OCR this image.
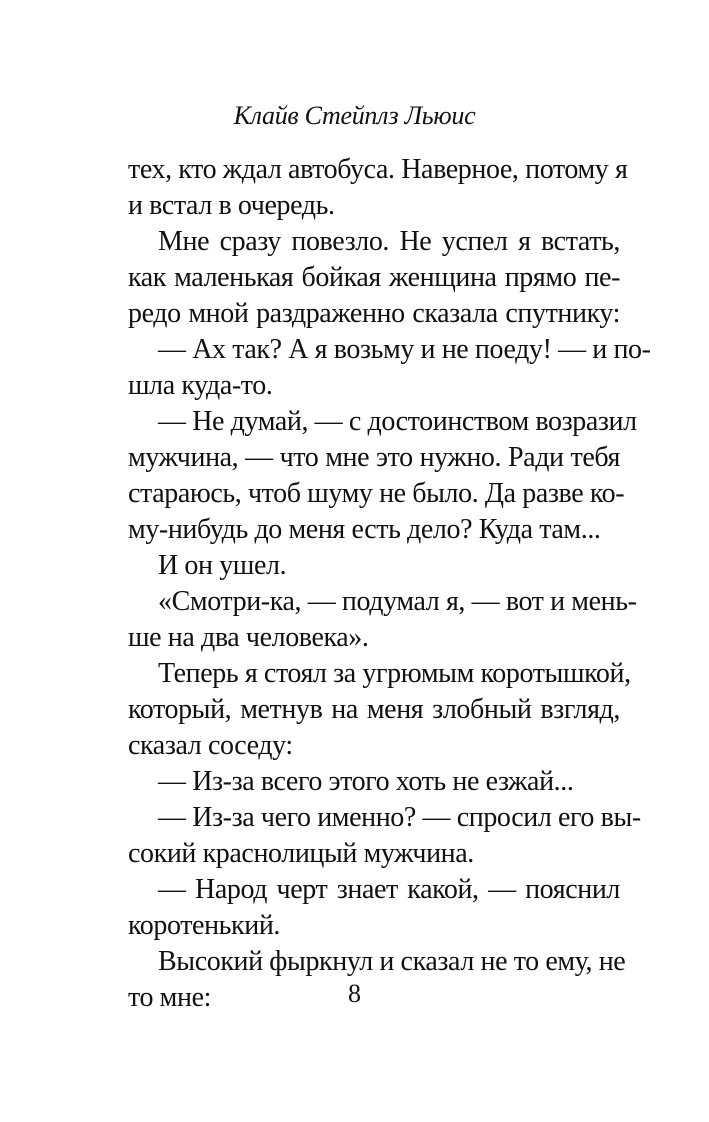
Клайв Стейплз Льюис
тех, кто ждал автобуса. Наверное, потому я
и встал в очередь.
Мне сразу повезло. Не успел я встать,
как маленькая бойкая женщина прямо пе-
редо мной раздраженно сказала спутнику:
— Ах так? А я возьму и не поеду! — и по-
шла куда-то.
— Не думай, — с достоинством возразил
мужчина, — что мне это нужно. Ради тебя
стараюсь, чтоб шуму не было. Да разве ко-
му-нибудь до меня есть дело? Куда там...
И он ушел.
«Смотри-ка, — подумал я, — вот и мень-
ше на два человека».
Теперь я стоял за угрюмым коротышкой,
который, метнув на меня злобный взгляд,
сказал соседу:
— Из-за всего этого хоть не езжай...
— Из-за чего именно? — спросил его вы-
сокий краснолицый мужчина.
— Народ черт знает какой, — пояснил
коротенький.
Высокий фыркнул и сказал не то ему, не
то мне:	8
